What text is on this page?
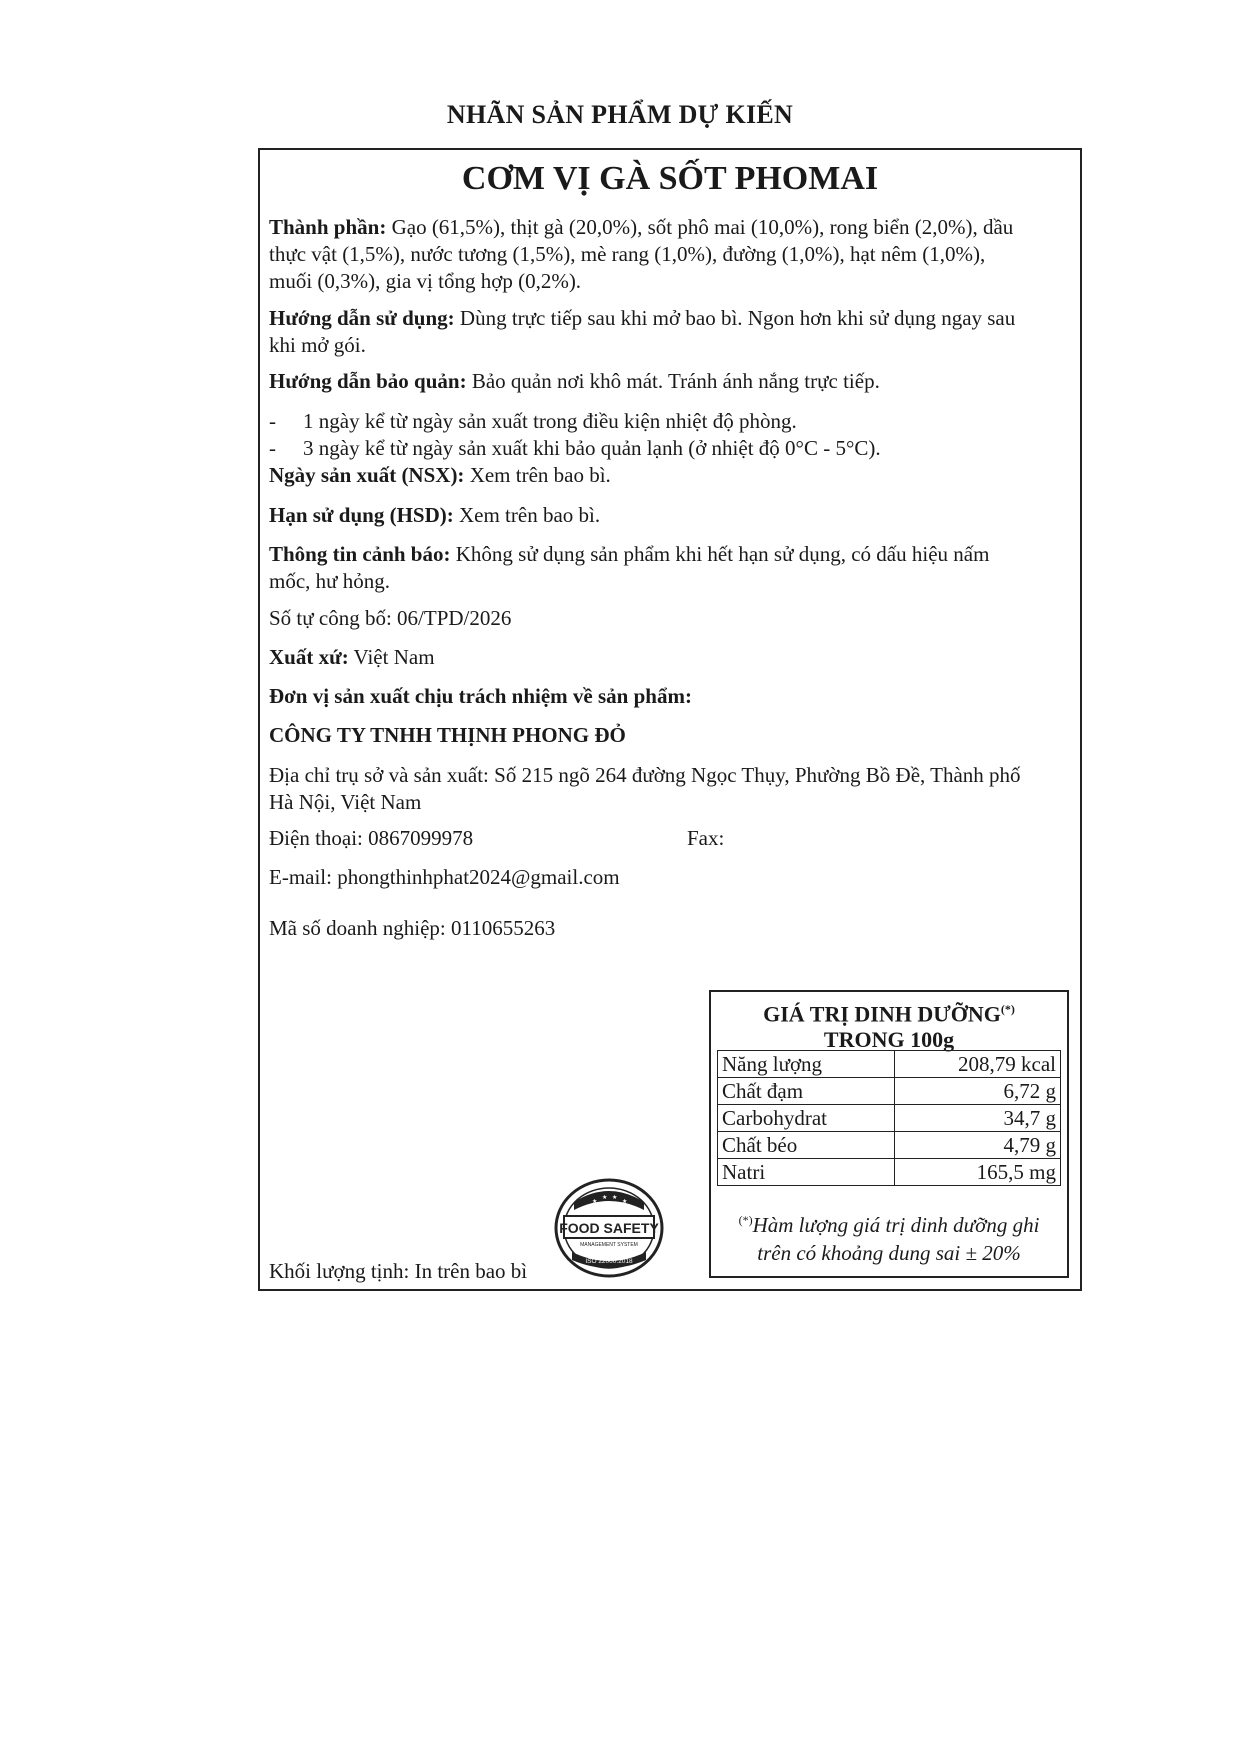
NHÃN SẢN PHẨM DỰ KIẾN
CƠM VỊ GÀ SỐT PHOMAI
Thành phần: Gạo (61,5%), thịt gà (20,0%), sốt phô mai (10,0%), rong biển (2,0%), dầu
thực vật (1,5%), nước tương (1,5%), mè rang (1,0%), đường (1,0%), hạt nêm (1,0%),
muối (0,3%), gia vị tổng hợp (0,2%).
Hướng dẫn sử dụng: Dùng trực tiếp sau khi mở bao bì. Ngon hơn khi sử dụng ngay sau
khi mở gói.
Hướng dẫn bảo quản: Bảo quản nơi khô mát. Tránh ánh nắng trực tiếp.
- 1 ngày kể từ ngày sản xuất trong điều kiện nhiệt độ phòng.
- 3 ngày kể từ ngày sản xuất khi bảo quản lạnh (ở nhiệt độ 0°C - 5°C).
Ngày sản xuất (NSX): Xem trên bao bì.
Hạn sử dụng (HSD): Xem trên bao bì.
Thông tin cảnh báo: Không sử dụng sản phẩm khi hết hạn sử dụng, có dấu hiệu nấm
mốc, hư hỏng.
Số tự công bố: 06/TPD/2026
Xuất xứ: Việt Nam
Đơn vị sản xuất chịu trách nhiệm về sản phẩm:
CÔNG TY TNHH THỊNH PHONG ĐỎ
Địa chỉ trụ sở và sản xuất: Số 215 ngõ 264 đường Ngọc Thụy, Phường Bồ Đề, Thành phố
Hà Nội, Việt Nam
Điện thoại: 0867099978	Fax:
E-mail: phongthinhphat2024@gmail.com
Mã số doanh nghiệp: 0110655263
★
★ ★
★
FOOD SAFETY
MANAGEMENT SYSTEM
ISO 22000:2018
Khối lượng tịnh: In trên bao bì
GIÁ TRỊ DINH DƯỠNG(*)
TRONG 100g
Năng lượng	208,79 kcal
Chất đạm	6,72 g
Carbohydrat	34,7 g
Chất béo	4,79 g
Natri	165,5 mg
(*)Hàm lượng giá trị dinh dưỡng ghi
trên có khoảng dung sai ± 20%
